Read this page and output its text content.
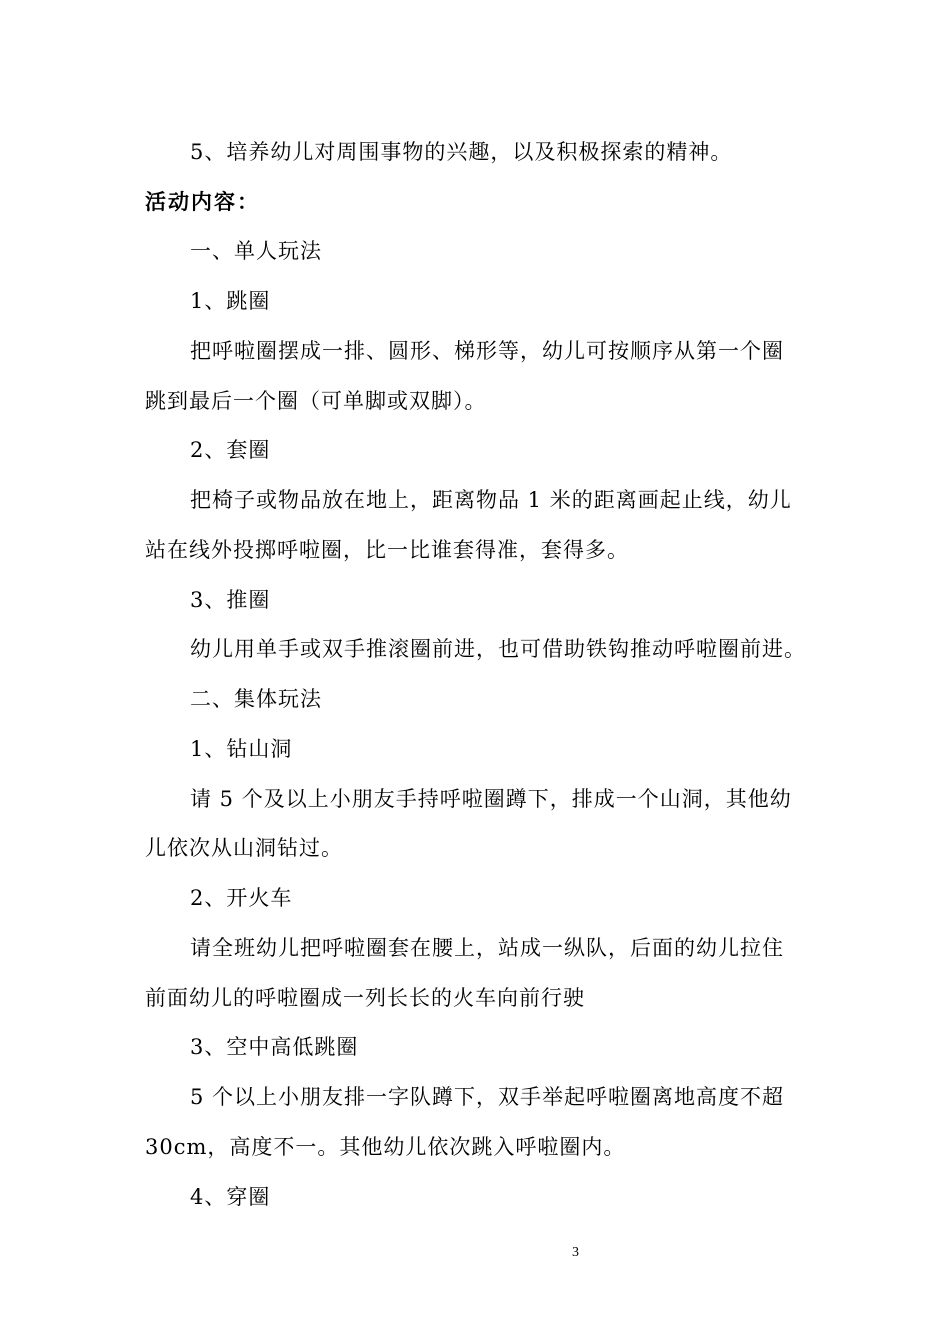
5、培养幼儿对周围事物的兴趣，以及积极探索的精神。
活动内容：
一、单人玩法
1、跳圈
把呼啦圈摆成一排、圆形、梯形等，幼儿可按顺序从第一个圈
跳到最后一个圈（可单脚或双脚）。
2、套圈
把椅子或物品放在地上，距离物品 1 米的距离画起止线，幼儿
站在线外投掷呼啦圈，比一比谁套得准，套得多。
3、推圈
幼儿用单手或双手推滚圈前进，也可借助铁钩推动呼啦圈前进。
二、集体玩法
1、钻山洞
请 5 个及以上小朋友手持呼啦圈蹲下，排成一个山洞，其他幼
儿依次从山洞钻过。
2、开火车
请全班幼儿把呼啦圈套在腰上，站成一纵队，后面的幼儿拉住
前面幼儿的呼啦圈成一列长长的火车向前行驶
3、空中高低跳圈
5 个以上小朋友排一字队蹲下，双手举起呼啦圈离地高度不超
30cm，高度不一。其他幼儿依次跳入呼啦圈内。
4、穿圈
3
